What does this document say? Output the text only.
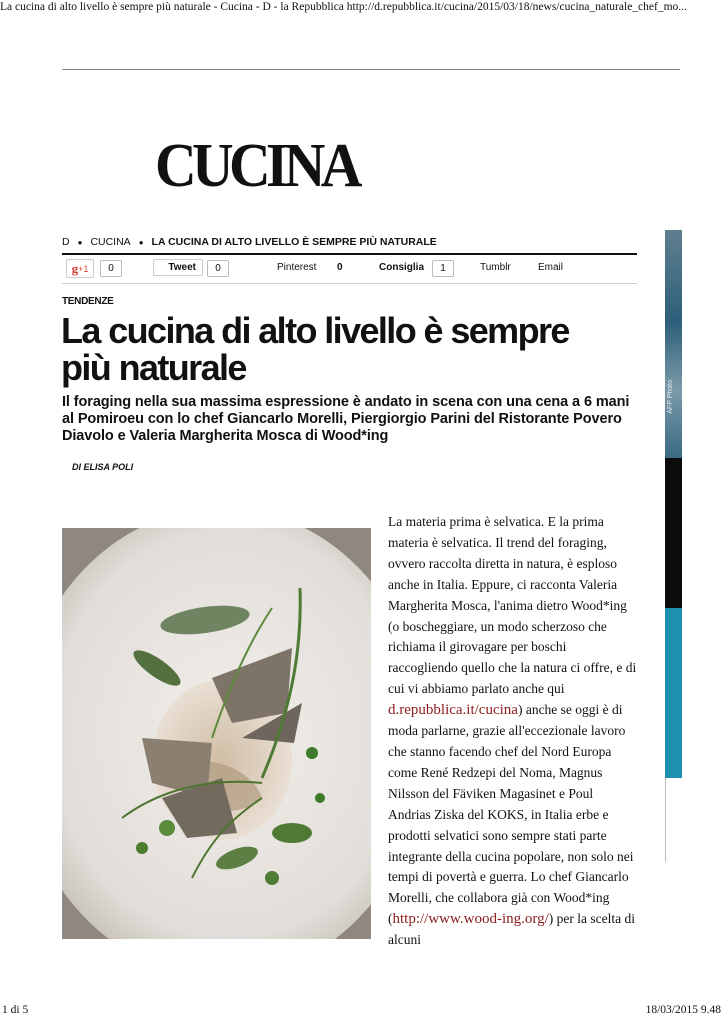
La cucina di alto livello è sempre più naturale - Cucina - D - la Repubblica http://d.repubblica.it/cucina/2015/03/18/news/cucina_naturale_chef_mo...
CUCINA
D ● CUCINA ● LA CUCINA DI ALTO LIVELLO È SEMPRE PIÙ NATURALE
g +1	0	Tweet	0	Pinterest 0	Consiglia	1	Tumblr	Email
TENDENZE
La cucina di alto livello è sempre più naturale
Il foraging nella sua massima espressione è andato in scena con una cena a 6 mani al Pomiroeu con lo chef Giancarlo Morelli, Piergiorgio Parini del Ristorante Povero Diavolo e Valeria Margherita Mosca di Wood*ing
DI ELISA POLI

La materia prima è selvatica. E la prima materia è selvatica. Il trend del foraging, ovvero raccolta diretta in natura, è esploso anche in Italia. Eppure, ci racconta Valeria Margherita Mosca, l'anima dietro Wood*ing (o boscheggiare, un modo scherzoso che richiama il girovagare per boschi raccogliendo quello che la natura ci offre, e di cui vi abbiamo parlato anche qui d.repubblica.it/cucina) anche se oggi è di moda parlarne, grazie all'eccezionale lavoro che stanno facendo chef del Nord Europa come René Redzepi del Noma, Magnus Nilsson del Fäviken Magasinet e Poul Andrias Ziska del KOKS, in Italia erbe e prodotti selvatici sono sempre stati parte integrante della cucina popolare, non solo nei tempi di povertà e guerra. Lo chef Giancarlo Morelli, che collabora già con Wood*ing (http://www.wood-ing.org/) per la scelta di alcuni

AFP Photo
1 di 5	18/03/2015 9.48
